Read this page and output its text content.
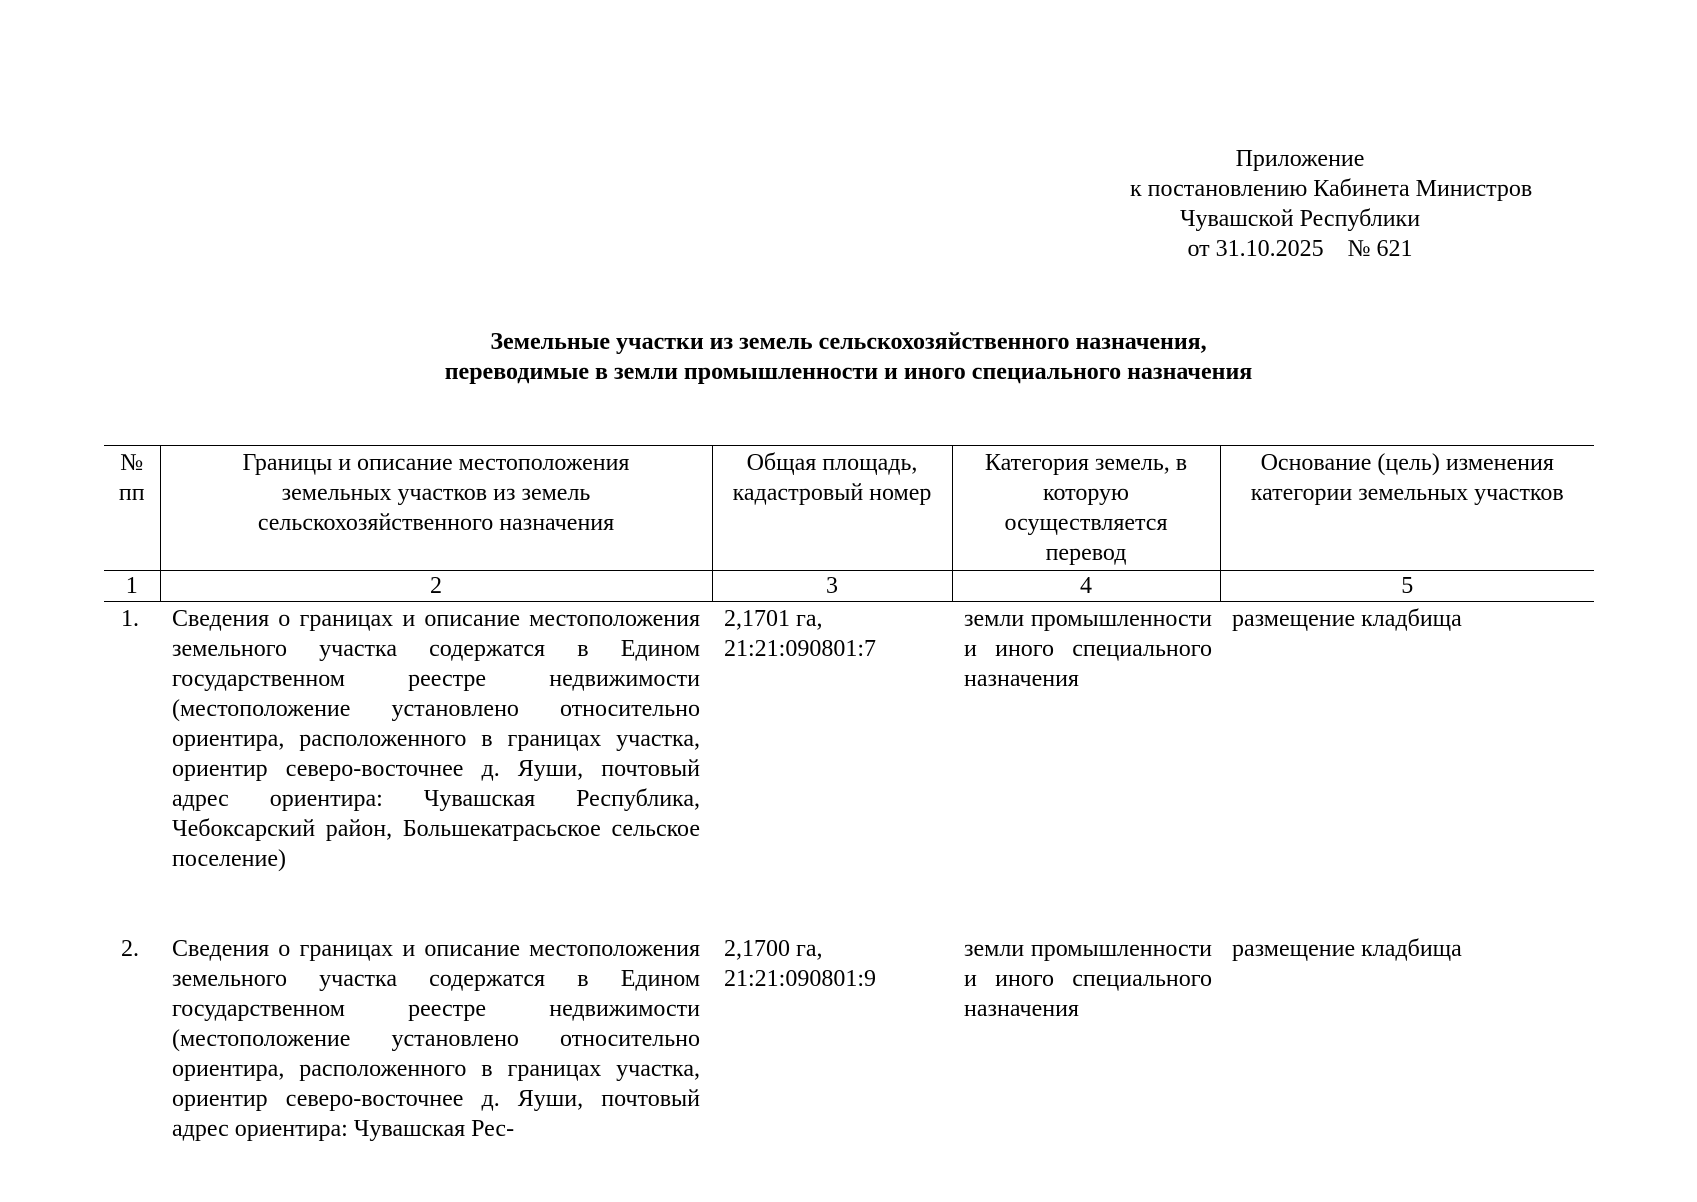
Приложение
к постановлению Кабинета Министров
Чувашской Республики
от 31.10.2025    № 621
Земельные участки из земель сельскохозяйственного назначения,
переводимые в земли промышленности и иного специального назначения
№ пп	Границы и описание местоположения земельных участков из земель сельскохозяйственного назначения	Общая площадь, кадастровый номер	Категория земель, в которую осуществляется перевод	Основание (цель) изменения категории земельных участков
1	2	3	4	5
1.	Сведения о границах и описание местоположения земельного участка содержатся в Едином государственном реестре недвижимости (местоположение установлено относительно ориентира, расположенного в границах участка, ориентир северо-восточнее д. Яуши, почтовый адрес ориентира: Чувашская Республика, Чебоксарский район, Большекатрасьское сельское поселение)	2,1701 га,
21:21:090801:7	земли промышленности и иного специального назначения	размещение кладбища
2.	Сведения о границах и описание местоположения земельного участка содержатся в Едином государственном реестре недвижимости (местоположение установлено относительно ориентира, расположенного в границах участка, ориентир северо-восточнее д. Яуши, почтовый адрес ориентира: Чувашская Рес-	2,1700 га,
21:21:090801:9	земли промышленности и иного специального назначения	размещение кладбища
